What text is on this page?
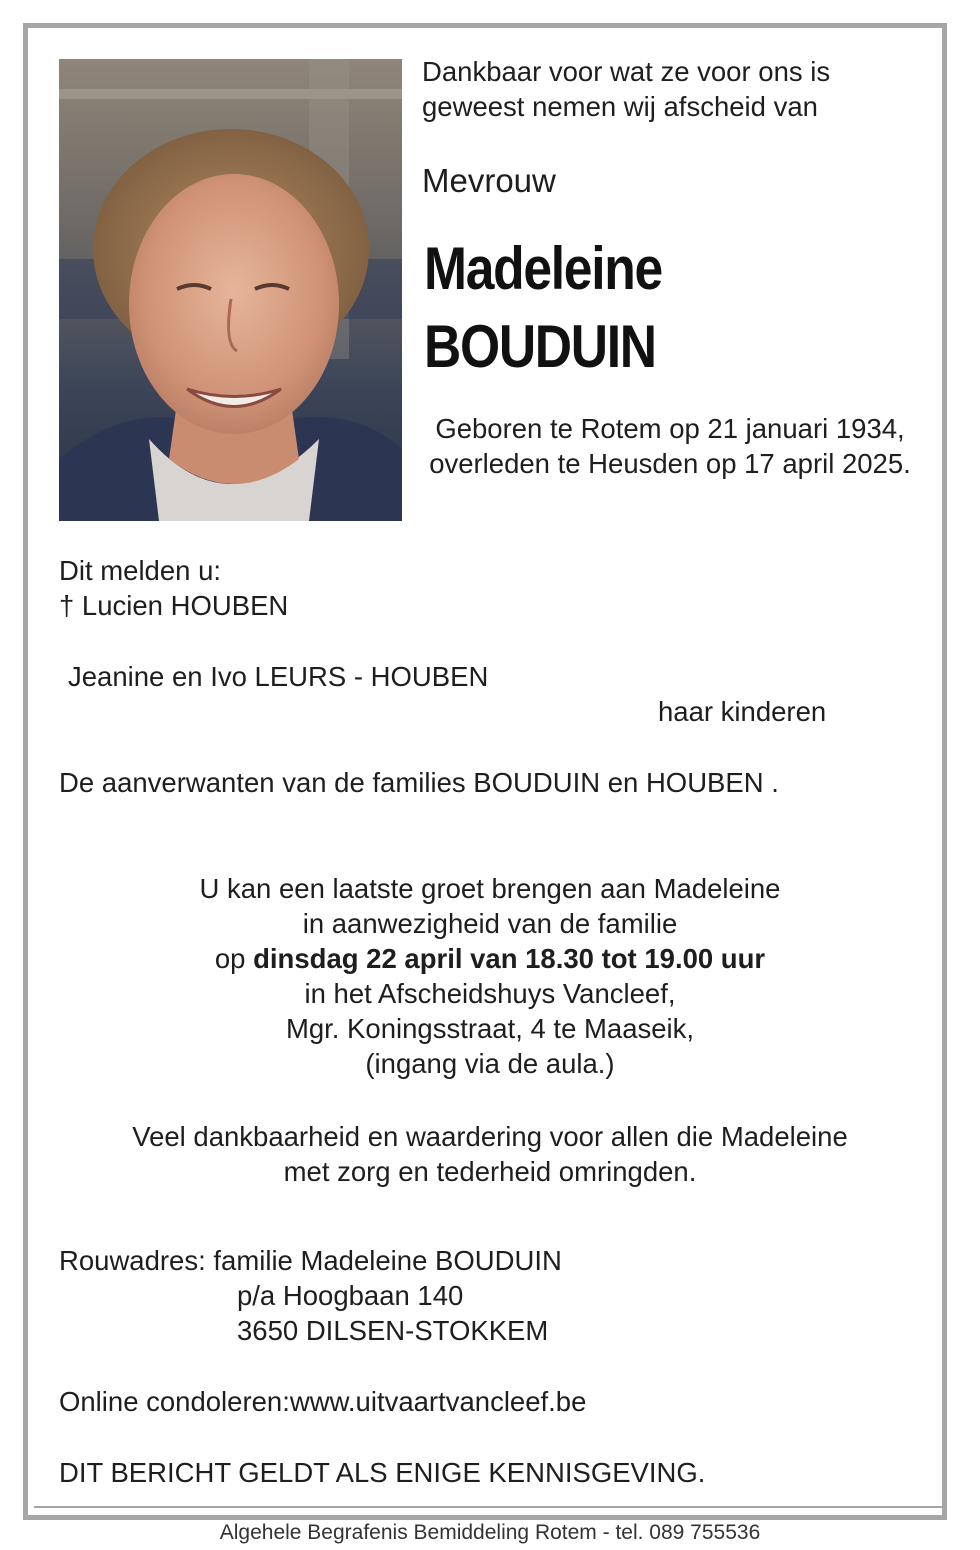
Dankbaar voor wat ze voor ons is
geweest nemen wij afscheid van
Mevrouw
Madeleine
BOUDUIN
Geboren te Rotem op 21 januari 1934, overleden te Heusden op 17 april 2025.
Dit melden u:
† Lucien HOUBEN
Jeanine en Ivo LEURS - HOUBEN
haar kinderen
De aanverwanten van de families BOUDUIN en HOUBEN .
U kan een laatste groet brengen aan Madeleine
in aanwezigheid van de familie
op dinsdag 22 april van 18.30 tot 19.00 uur
in het Afscheidshuys Vancleef,
Mgr. Koningsstraat, 4 te Maaseik,
(ingang via de aula.)
Veel dankbaarheid en waardering voor allen die Madeleine
met zorg en tederheid omringden.
Rouwadres: familie Madeleine BOUDUIN
p/a Hoogbaan 140
3650 DILSEN-STOKKEM
Online condoleren:www.uitvaartvancleef.be
DIT BERICHT GELDT ALS ENIGE KENNISGEVING.
Algehele Begrafenis Bemiddeling Rotem - tel. 089 755536
